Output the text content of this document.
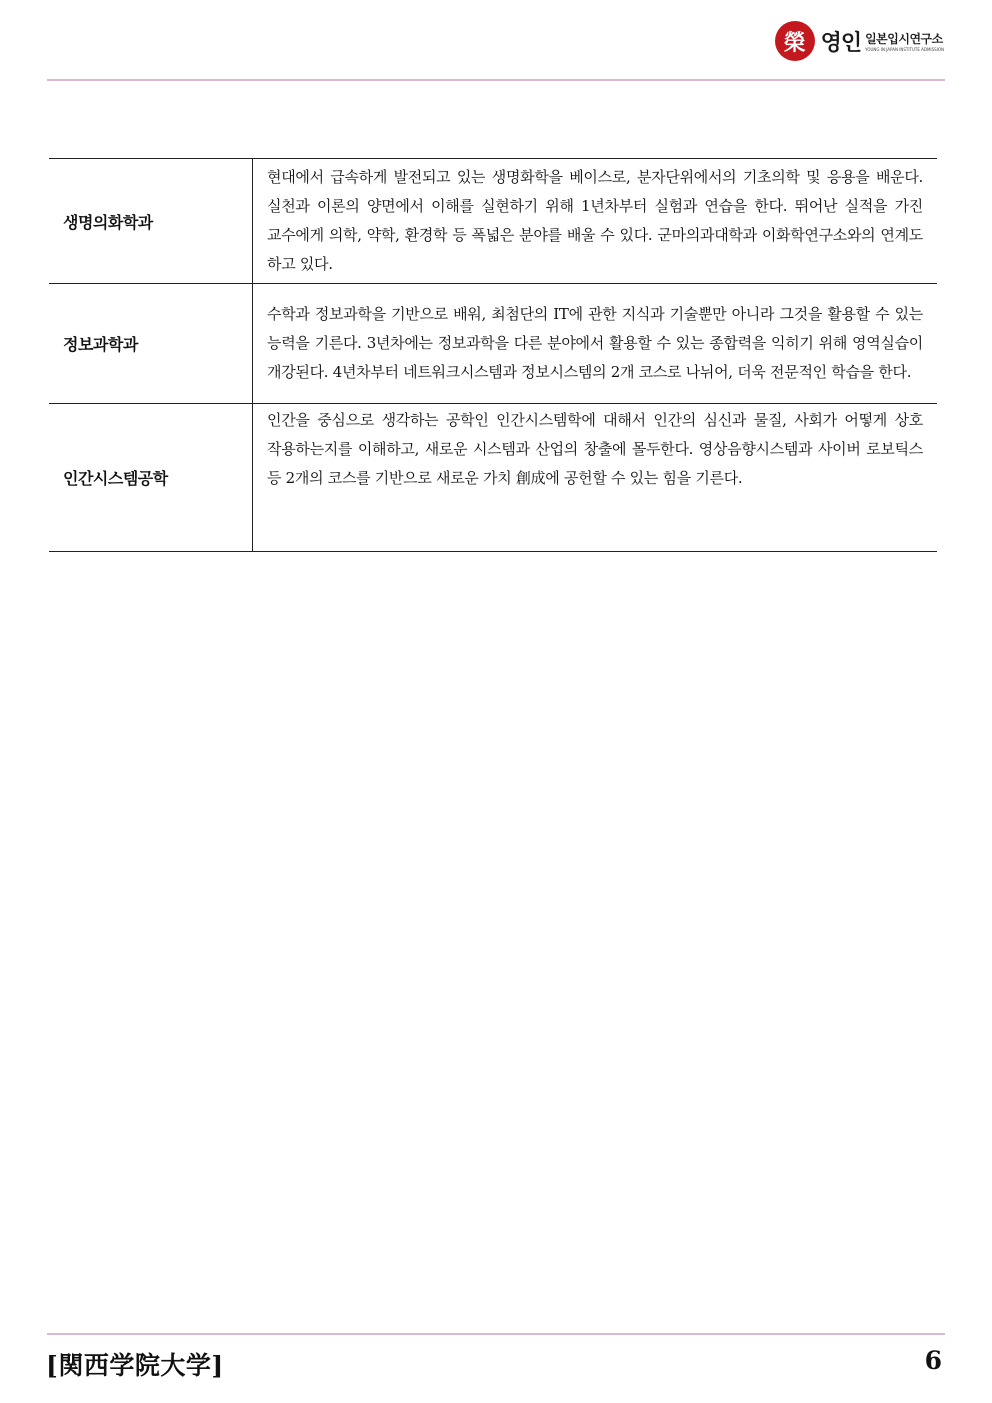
榮 영인 일본입시연구소
YOUNG IN JAPAN INSTITUTE ADMISSION
생명의화학과	현대에서 급속하게 발전되고 있는 생명화학을 베이스로, 분자단위에서의 기초의학 및 응용을 배운다. 실천과 이론의 양면에서 이해를 실현하기 위해 1년차부터 실험과 연습을 한다. 뛰어난 실적을 가진 교수에게 의학, 약학, 환경학 등 폭넓은 분야를 배울 수 있다. 군마의과대학과 이화학연구소와의 연계도 하고 있다.

정보과학과	수학과 정보과학을 기반으로 배워, 최첨단의 IT에 관한 지식과 기술뿐만 아니라 그것을 활용할 수 있는 능력을 기른다. 3년차에는 정보과학을 다른 분야에서 활용할 수 있는 종합력을 익히기 위해 영역실습이 개강된다. 4년차부터 네트워크시스템과 정보시스템의 2개 코스로 나뉘어, 더욱 전문적인 학습을 한다.

인간시스템공학	인간을 중심으로 생각하는 공학인 인간시스템학에 대해서 인간의 심신과 물질, 사회가 어떻게 상호 작용하는지를 이해하고, 새로운 시스템과 산업의 창출에 몰두한다. 영상음향시스템과 사이버 로보틱스 등 2개의 코스를 기반으로 새로운 가치 創成에 공헌할 수 있는 힘을 기른다.

[関西学院大学]	6
